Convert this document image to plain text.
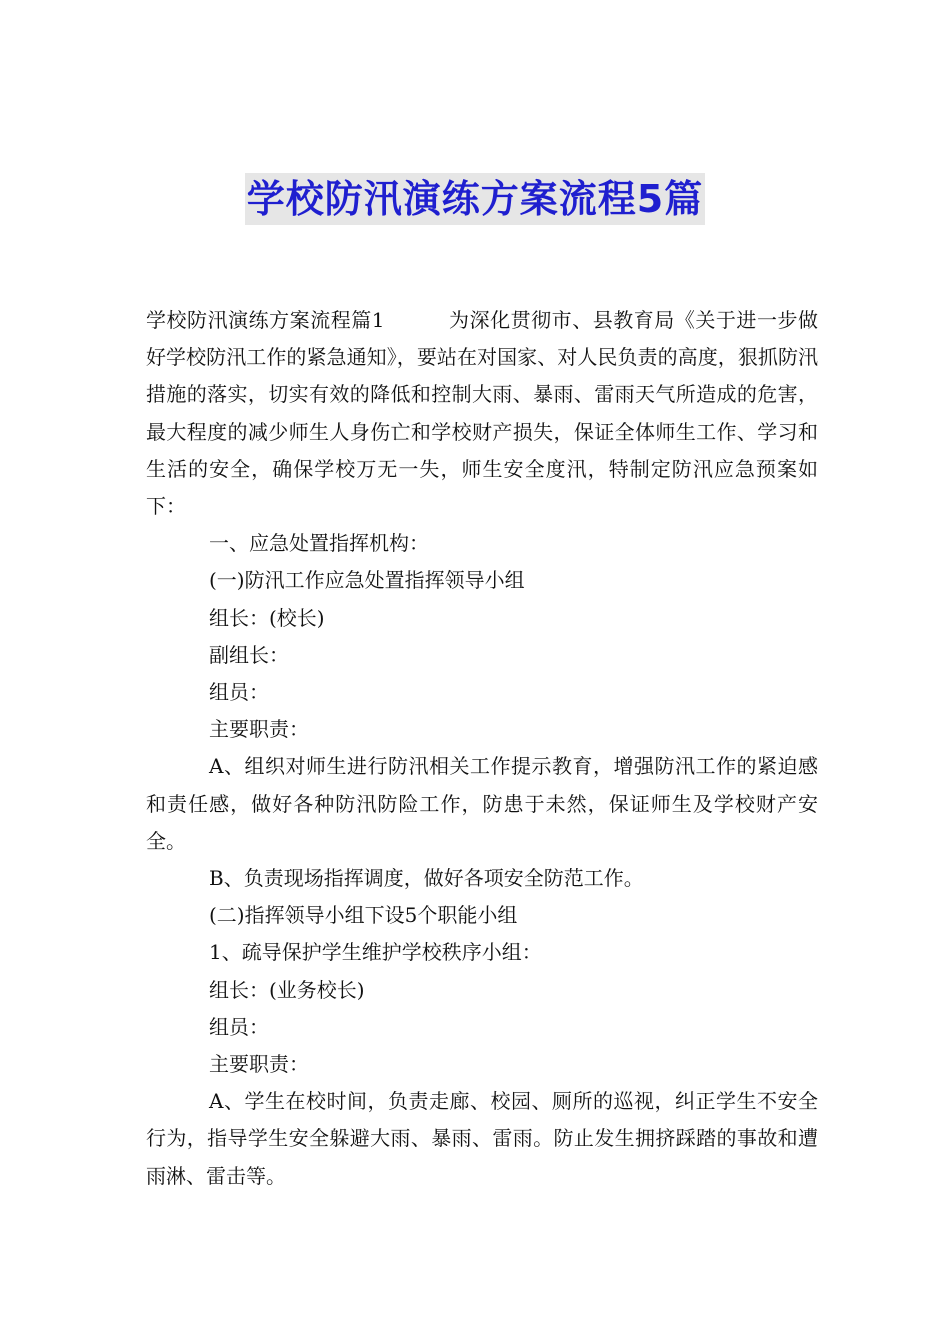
学校防汛演练方案流程5篇

学校防汛演练方案流程篇1	为深化贯彻市、县教育局《关于进一步做好学校防汛工作的紧急通知》，要站在对国家、对人民负责的高度，狠抓防汛措施的落实，切实有效的降低和控制大雨、暴雨、雷雨天气所造成的危害，最大程度的减少师生人身伤亡和学校财产损失，保证全体师生工作、学习和生活的安全，确保学校万无一失，师生安全度汛，特制定防汛应急预案如下：

一、应急处置指挥机构：

(一)防汛工作应急处置指挥领导小组

组长：(校长)

副组长：

组员：

主要职责：

A、组织对师生进行防汛相关工作提示教育，增强防汛工作的紧迫感和责任感，做好各种防汛防险工作，防患于未然，保证师生及学校财产安全。

B、负责现场指挥调度，做好各项安全防范工作。

(二)指挥领导小组下设5个职能小组

1、疏导保护学生维护学校秩序小组：

组长：(业务校长)

组员：

主要职责：

A、学生在校时间，负责走廊、校园、厕所的巡视，纠正学生不安全行为，指导学生安全躲避大雨、暴雨、雷雨。防止发生拥挤踩踏的事故和遭雨淋、雷击等。
